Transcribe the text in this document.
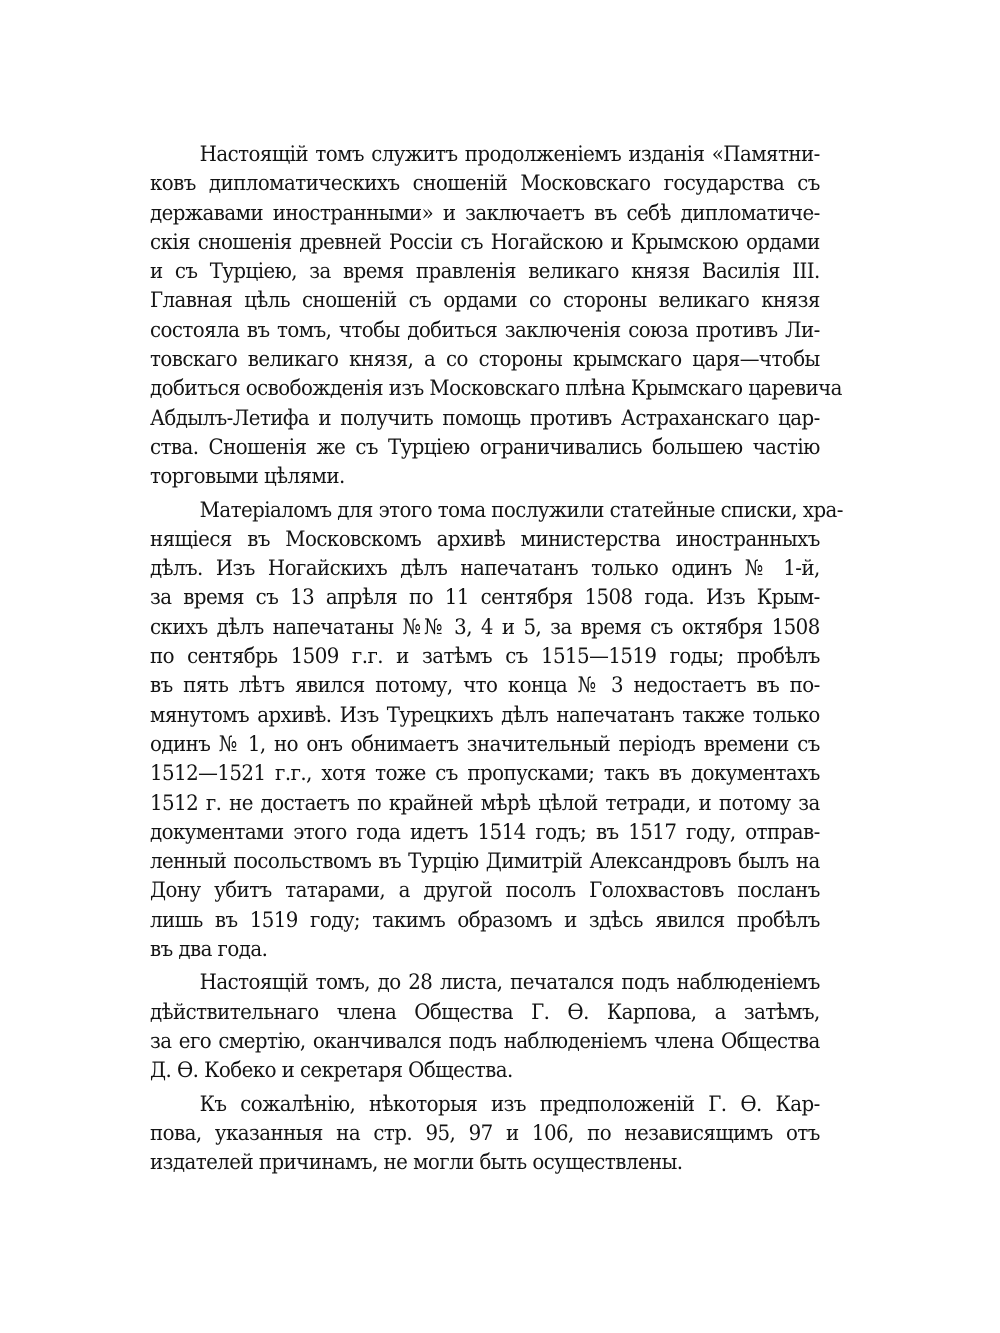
Настоящій томъ служитъ продолженіемъ изданія «Памятни-
ковъ дипломатическихъ сношеній Московскаго государства съ
державами иностранными» и заключаетъ въ себѣ дипломатиче-
скія сношенія древней Россіи съ Ногайскою и Крымскою ордами
и съ Турціею, за время правленія великаго князя Василія III.
Главная цѣль сношеній съ ордами со стороны великаго князя
состояла въ томъ, чтобы добиться заключенія союза противъ Ли-
товскаго великаго князя, а со стороны крымскаго царя—чтобы
добиться освобожденія изъ Московскаго плѣна Крымскаго царевича
Абдылъ-Летифа и получить помощь противъ Астраханскаго цар-
ства. Сношенія же съ Турціею ограничивались большею частію
торговыми цѣлями.
Матеріаломъ для этого тома послужили статейные списки, хра-
нящіеся въ Московскомъ архивѣ министерства иностранныхъ
дѣлъ. Изъ Ногайскихъ дѣлъ напечатанъ только одинъ № 1-й,
за время съ 13 апрѣля по 11 сентября 1508 года. Изъ Крым-
скихъ дѣлъ напечатаны №№ 3, 4 и 5, за время съ октября 1508
по сентябрь 1509 г.г. и затѣмъ съ 1515—1519 годы; пробѣлъ
въ пять лѣтъ явился потому, что конца № 3 недостаетъ въ по-
мянутомъ архивѣ. Изъ Турецкихъ дѣлъ напечатанъ также только
одинъ № 1, но онъ обнимаетъ значительный періодъ времени съ
1512—1521 г.г., хотя тоже съ пропусками; такъ въ документахъ
1512 г. не достаетъ по крайней мѣрѣ цѣлой тетради, и потому за
документами этого года идетъ 1514 годъ; въ 1517 году, отправ-
ленный посольствомъ въ Турцію Димитрій Александровъ былъ на
Дону убитъ татарами, а другой посолъ Голохвастовъ посланъ
лишь въ 1519 году; такимъ образомъ и здѣсь явился пробѣлъ
въ два года.
Настоящій томъ, до 28 листа, печатался подъ наблюденіемъ
дѣйствительнаго члена Общества Г. Ѳ. Карпова, а затѣмъ,
за его смертію, оканчивался подъ наблюденіемъ члена Общества
Д. Ѳ. Кобеко и секретаря Общества.
Къ сожалѣнію, нѣкоторыя изъ предположеній Г. Ѳ. Кар-
пова, указанныя на стр. 95, 97 и 106, по независящимъ отъ
издателей причинамъ, не могли быть осуществлены.
